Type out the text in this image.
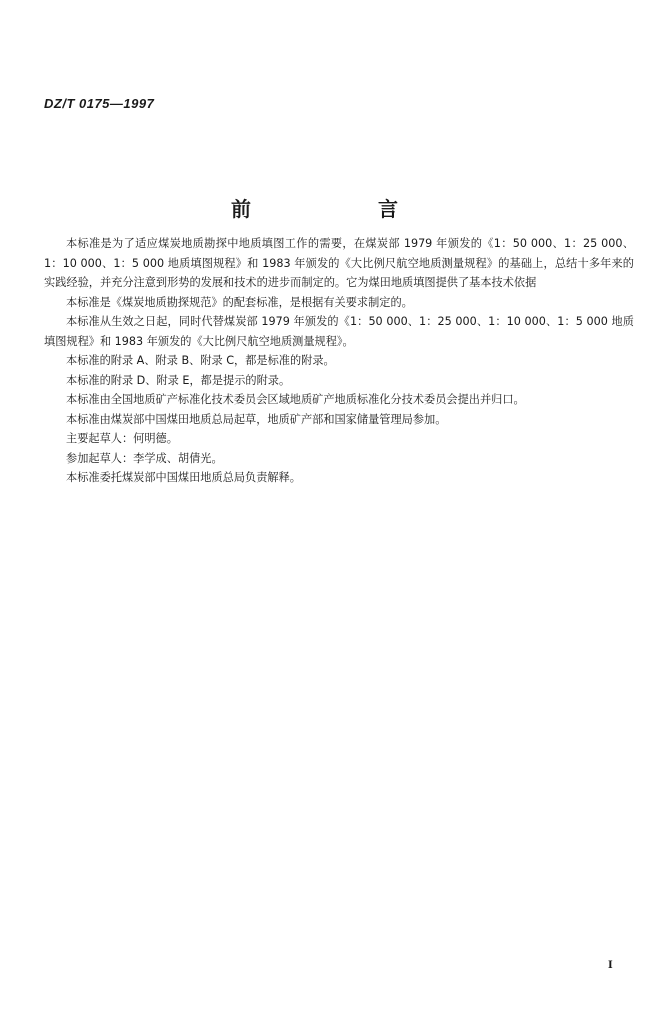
DZ/T 0175—1997
前 言

本标准是为了适应煤炭地质勘探中地质填图工作的需要，在煤炭部 1979 年颁发的《1：50 000、1：25 000、1：10 000、1：5 000 地质填图规程》和 1983 年颁发的《大比例尺航空地质测量规程》的基础上，总结十多年来的实践经验，并充分注意到形势的发展和技术的进步而制定的。它为煤田地质填图提供了基本技术依据

本标准是《煤炭地质勘探规范》的配套标准，是根据有关要求制定的。

本标准从生效之日起，同时代替煤炭部 1979 年颁发的《1：50 000、1：25 000、1：10 000、1：5 000 地质填图规程》和 1983 年颁发的《大比例尺航空地质测量规程》。

本标准的附录 A、附录 B、附录 C，都是标准的附录。

本标准的附录 D、附录 E，都是提示的附录。

本标准由全国地质矿产标准化技术委员会区域地质矿产地质标准化分技术委员会提出并归口。

本标准由煤炭部中国煤田地质总局起草，地质矿产部和国家储量管理局参加。

主要起草人：何明德。

参加起草人：李学成、胡倩光。

本标准委托煤炭部中国煤田地质总局负责解释。

I
